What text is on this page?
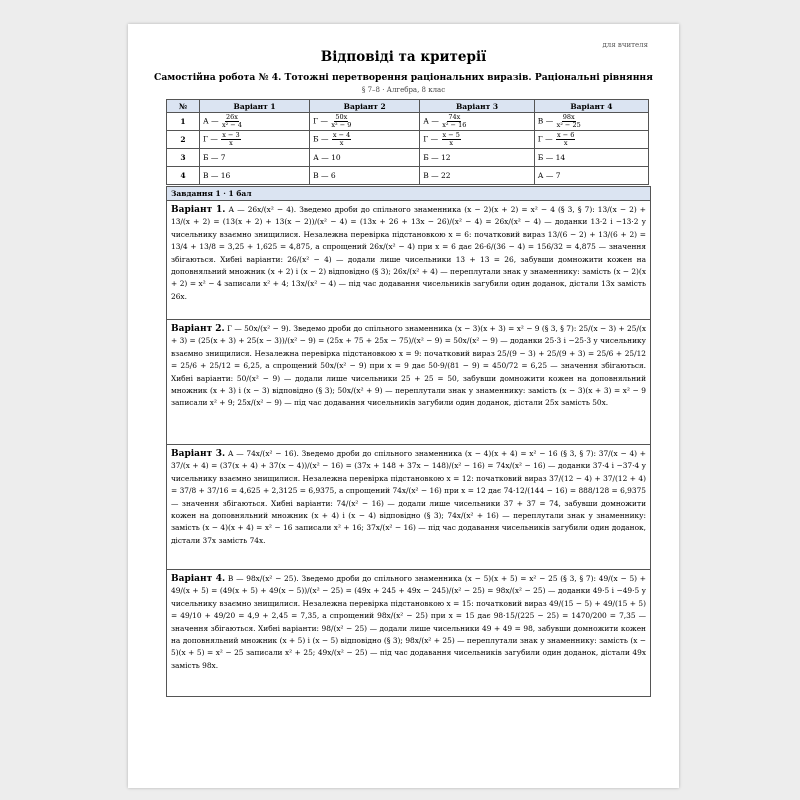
для вчителя
Відповіді та критерії
Самостійна робота № 4. Тотожні перетворення раціональних виразів. Раціональні рівняння
§ 7–8 · Алгебра, 8 клас
№	Варіант 1	Варіант 2	Варіант 3	Варіант 4
1	А — $\frac{26x}{\text{x² − 4}}$	Г — $\frac{50x}{\text{x² − 9}}$	А — $\frac{74x}{\text{x² − 16}}$	В — $\frac{98x}{\text{x² − 25}}$

2	Г — $\frac{x - 3}{x}$	Б — $\frac{x - 4}{x}$	Г — $\frac{x - 5}{x}$	Г — $\frac{x - 6}{x}$

3	Б — 7	А — 10	Б — 12	Б — 14
4	В — 16	В — 6	В — 22	А — 7
Завдання 1 · 1 бал
Варіант 1. А — 26x/(x² − 4). Зведемо дроби до спільного знаменника (x − 2)(x + 2) = x² − 4 (§ 3, § 7): 13/(x − 2) + 13/(x + 2) = (13(x + 2) + 13(x − 2))/(x² − 4) = (13x + 26 + 13x − 26)/(x² − 4) = 26x/(x² − 4) — доданки 13·2 і −13·2 у чисельнику взаємно знищилися. Незалежна перевірка підстановкою x = 6: початковий вираз 13/(6 − 2) + 13/(6 + 2) = 13/4 + 13/8 = 3,25 + 1,625 = 4,875, а спрощений 26x/(x² − 4) при x = 6 дає 26·6/(36 − 4) = 156/32 = 4,875 — значення збігаються. Хибні варіанти: 26/(x² − 4) — додали лише чисельники 13 + 13 = 26, забувши домножити кожен на доповняльний множник (x + 2) і (x − 2) відповідно (§ 3); 26x/(x² + 4) — переплутали знак у знаменнику: замість (x − 2)(x + 2) = x² − 4 записали x² + 4; 13x/(x² − 4) — під час додавання чисельників загубили один доданок, дістали 13x замість 26x.
Варіант 2. Г — 50x/(x² − 9). Зведемо дроби до спільного знаменника (x − 3)(x + 3) = x² − 9 (§ 3, § 7): 25/(x − 3) + 25/(x + 3) = (25(x + 3) + 25(x − 3))/(x² − 9) = (25x + 75 + 25x − 75)/(x² − 9) = 50x/(x² − 9) — доданки 25·3 і −25·3 у чисельнику взаємно знищилися. Незалежна перевірка підстановкою x = 9: початковий вираз 25/(9 − 3) + 25/(9 + 3) = 25/6 + 25/12 = 25/6 + 25/12 = 6,25, а спрощений 50x/(x² − 9) при x = 9 дає 50·9/(81 − 9) = 450/72 = 6,25 — значення збігаються. Хибні варіанти: 50/(x² − 9) — додали лише чисельники 25 + 25 = 50, забувши домножити кожен на доповняльний множник (x + 3) і (x − 3) відповідно (§ 3); 50x/(x² + 9) — переплутали знак у знаменнику: замість (x − 3)(x + 3) = x² − 9 записали x² + 9; 25x/(x² − 9) — під час додавання чисельників загубили один доданок, дістали 25x замість 50x.
Варіант 3. А — 74x/(x² − 16). Зведемо дроби до спільного знаменника (x − 4)(x + 4) = x² − 16 (§ 3, § 7): 37/(x − 4) + 37/(x + 4) = (37(x + 4) + 37(x − 4))/(x² − 16) = (37x + 148 + 37x − 148)/(x² − 16) = 74x/(x² − 16) — доданки 37·4 і −37·4 у чисельнику взаємно знищилися. Незалежна перевірка підстановкою x = 12: початковий вираз 37/(12 − 4) + 37/(12 + 4) = 37/8 + 37/16 = 4,625 + 2,3125 = 6,9375, а спрощений 74x/(x² − 16) при x = 12 дає 74·12/(144 − 16) = 888/128 = 6,9375 — значення збігаються. Хибні варіанти: 74/(x² − 16) — додали лише чисельники 37 + 37 = 74, забувши домножити кожен на доповняльний множник (x + 4) і (x − 4) відповідно (§ 3); 74x/(x² + 16) — переплутали знак у знаменнику: замість (x − 4)(x + 4) = x² − 16 записали x² + 16; 37x/(x² − 16) — під час додавання чисельників загубили один доданок, дістали 37x замість 74x.
Варіант 4. В — 98x/(x² − 25). Зведемо дроби до спільного знаменника (x − 5)(x + 5) = x² − 25 (§ 3, § 7): 49/(x − 5) + 49/(x + 5) = (49(x + 5) + 49(x − 5))/(x² − 25) = (49x + 245 + 49x − 245)/(x² − 25) = 98x/(x² − 25) — доданки 49·5 і −49·5 у чисельнику взаємно знищилися. Незалежна перевірка підстановкою x = 15: початковий вираз 49/(15 − 5) + 49/(15 + 5) = 49/10 + 49/20 = 4,9 + 2,45 = 7,35, а спрощений 98x/(x² − 25) при x = 15 дає 98·15/(225 − 25) = 1470/200 = 7,35 — значення збігаються. Хибні варіанти: 98/(x² − 25) — додали лише чисельники 49 + 49 = 98, забувши домножити кожен на доповняльний множник (x + 5) і (x − 5) відповідно (§ 3); 98x/(x² + 25) — переплутали знак у знаменнику: замість (x − 5)(x + 5) = x² − 25 записали x² + 25; 49x/(x² − 25) — під час додавання чисельників загубили один доданок, дістали 49x замість 98x.
